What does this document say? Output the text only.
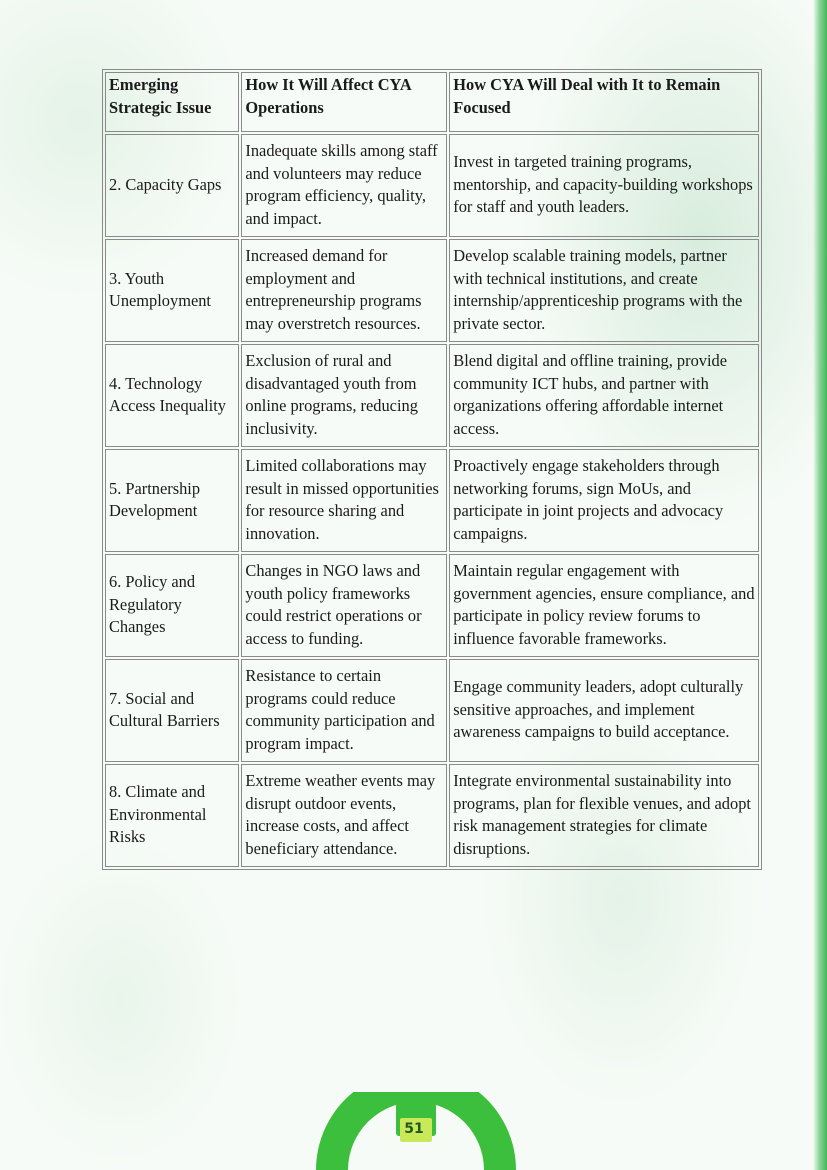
Emerging Strategic Issue	How It Will Affect CYA Operations	How CYA Will Deal with It to Remain Focused
2. Capacity Gaps	Inadequate skills among staff and volunteers may reduce program efficiency, quality, and impact.	Invest in targeted training programs, mentorship, and capacity-building workshops for staff and youth leaders.
3. Youth Unemployment	Increased demand for employment and entrepreneurship programs may overstretch resources.	Develop scalable training models, partner with technical institutions, and create internship/apprenticeship programs with the private sector.
4. Technology Access Inequality	Exclusion of rural and disadvantaged youth from online programs, reducing inclusivity.	Blend digital and offline training, provide community ICT hubs, and partner with organizations offering affordable internet access.
5. Partnership Development	Limited collaborations may result in missed opportunities for resource sharing and innovation.	Proactively engage stakeholders through networking forums, sign MoUs, and participate in joint projects and advocacy campaigns.
6. Policy and Regulatory Changes	Changes in NGO laws and youth policy frameworks could restrict operations or access to funding.	Maintain regular engagement with government agencies, ensure compliance, and participate in policy review forums to influence favorable frameworks.
7. Social and Cultural Barriers	Resistance to certain programs could reduce community participation and program impact.	Engage community leaders, adopt culturally sensitive approaches, and implement awareness campaigns to build acceptance.
8. Climate and Environmental Risks	Extreme weather events may disrupt outdoor events, increase costs, and affect beneficiary attendance.	Integrate environmental sustainability into programs, plan for flexible venues, and adopt risk management strategies for climate disruptions.
51
